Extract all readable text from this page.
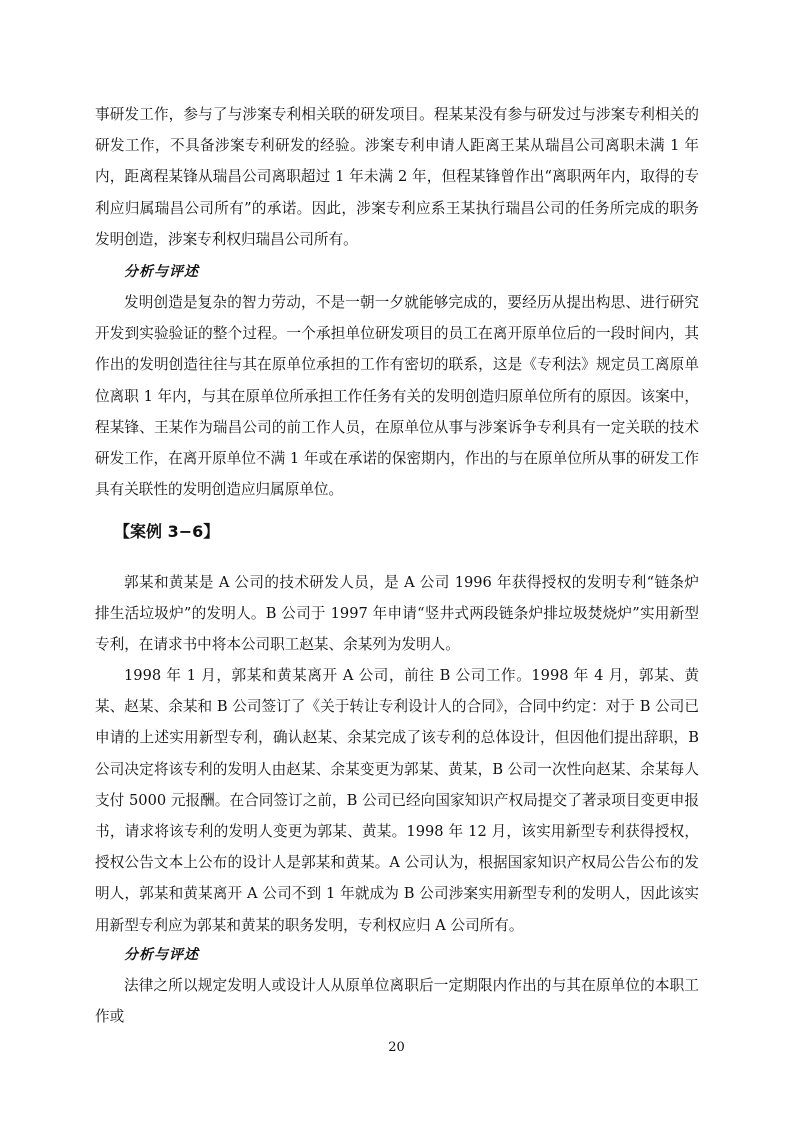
事研发工作，参与了与涉案专利相关联的研发项目。程某某没有参与研发过与涉案专利相关的研发工作，不具备涉案专利研发的经验。涉案专利申请人距离王某从瑞昌公司离职未满 1 年内，距离程某锋从瑞昌公司离职超过 1 年未满 2 年，但程某锋曾作出“离职两年内，取得的专利应归属瑞昌公司所有”的承诺。因此，涉案专利应系王某执行瑞昌公司的任务所完成的职务发明创造，涉案专利权归瑞昌公司所有。

分析与评述

发明创造是复杂的智力劳动，不是一朝一夕就能够完成的，要经历从提出构思、进行研究开发到实验验证的整个过程。一个承担单位研发项目的员工在离开原单位后的一段时间内，其作出的发明创造往往与其在原单位承担的工作有密切的联系，这是《专利法》规定员工离原单位离职 1 年内，与其在原单位所承担工作任务有关的发明创造归原单位所有的原因。该案中，程某锋、王某作为瑞昌公司的前工作人员，在原单位从事与涉案诉争专利具有一定关联的技术研发工作，在离开原单位不满 1 年或在承诺的保密期内，作出的与在原单位所从事的研发工作具有关联性的发明创造应归属原单位。

【案例 3−6】

郭某和黄某是 A 公司的技术研发人员，是 A 公司 1996 年获得授权的发明专利“链条炉排生活垃圾炉”的发明人。B 公司于 1997 年申请“竖井式两段链条炉排垃圾焚烧炉”实用新型专利，在请求书中将本公司职工赵某、余某列为发明人。

1998 年 1 月，郭某和黄某离开 A 公司，前往 B 公司工作。1998 年 4 月，郭某、黄某、赵某、余某和 B 公司签订了《关于转让专利设计人的合同》，合同中约定：对于 B 公司已申请的上述实用新型专利，确认赵某、余某完成了该专利的总体设计，但因他们提出辞职，B 公司决定将该专利的发明人由赵某、余某变更为郭某、黄某，B 公司一次性向赵某、余某每人支付 5000 元报酬。在合同签订之前，B 公司已经向国家知识产权局提交了著录项目变更申报书，请求将该专利的发明人变更为郭某、黄某。1998 年 12 月，该实用新型专利获得授权，授权公告文本上公布的设计人是郭某和黄某。A 公司认为，根据国家知识产权局公告公布的发明人，郭某和黄某离开 A 公司不到 1 年就成为 B 公司涉案实用新型专利的发明人，因此该实用新型专利应为郭某和黄某的职务发明，专利权应归 A 公司所有。

分析与评述

法律之所以规定发明人或设计人从原单位离职后一定期限内作出的与其在原单位的本职工作或

20
